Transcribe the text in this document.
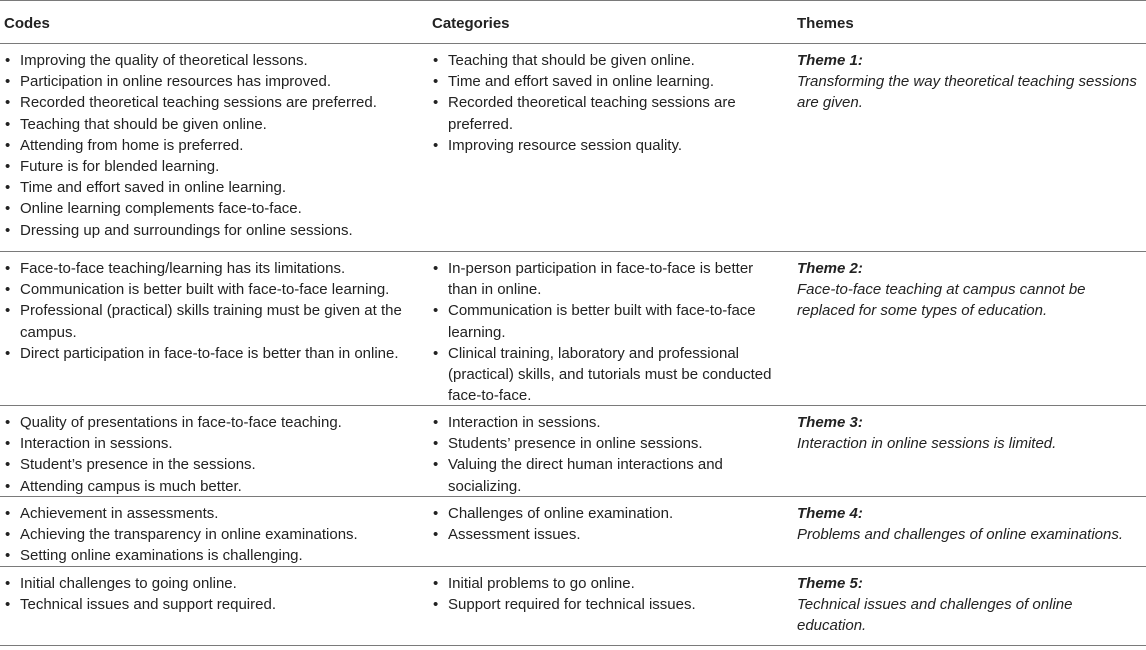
Codes	Categories	Themes
• Improving the quality of theoretical lessons.
• Participation in online resources has improved.
• Recorded theoretical teaching sessions are preferred.
• Teaching that should be given online.
• Attending from home is preferred.
• Future is for blended learning.
• Time and effort saved in online learning.
• Online learning complements face-to-face.
• Dressing up and surroundings for online sessions.
• Teaching that should be given online.
• Time and effort saved in online learning.
• Recorded theoretical teaching sessions are preferred.
• Improving resource session quality.
Theme 1:
Transforming the way theoretical teaching sessions are given.
• Face-to-face teaching/learning has its limitations.
• Communication is better built with face-to-face learning.
• Professional (practical) skills training must be given at the campus.
• Direct participation in face-to-face is better than in online.
• In-person participation in face-to-face is better than in online.
• Communication is better built with face-to-face learning.
• Clinical training, laboratory and professional (practical) skills, and tutorials must be conducted face-to-face.
Theme 2:
Face-to-face teaching at campus cannot be replaced for some types of education.
• Quality of presentations in face-to-face teaching.
• Interaction in sessions.
• Student’s presence in the sessions.
• Attending campus is much better.
• Interaction in sessions.
• Students’ presence in online sessions.
• Valuing the direct human interactions and socializing.
Theme 3:
Interaction in online sessions is limited.
• Achievement in assessments.
• Achieving the transparency in online examinations.
• Setting online examinations is challenging.
• Challenges of online examination.
• Assessment issues.
Theme 4:
Problems and challenges of online examinations.
• Initial challenges to going online.
• Technical issues and support required.
• Initial problems to go online.
• Support required for technical issues.
Theme 5:
Technical issues and challenges of online education.
